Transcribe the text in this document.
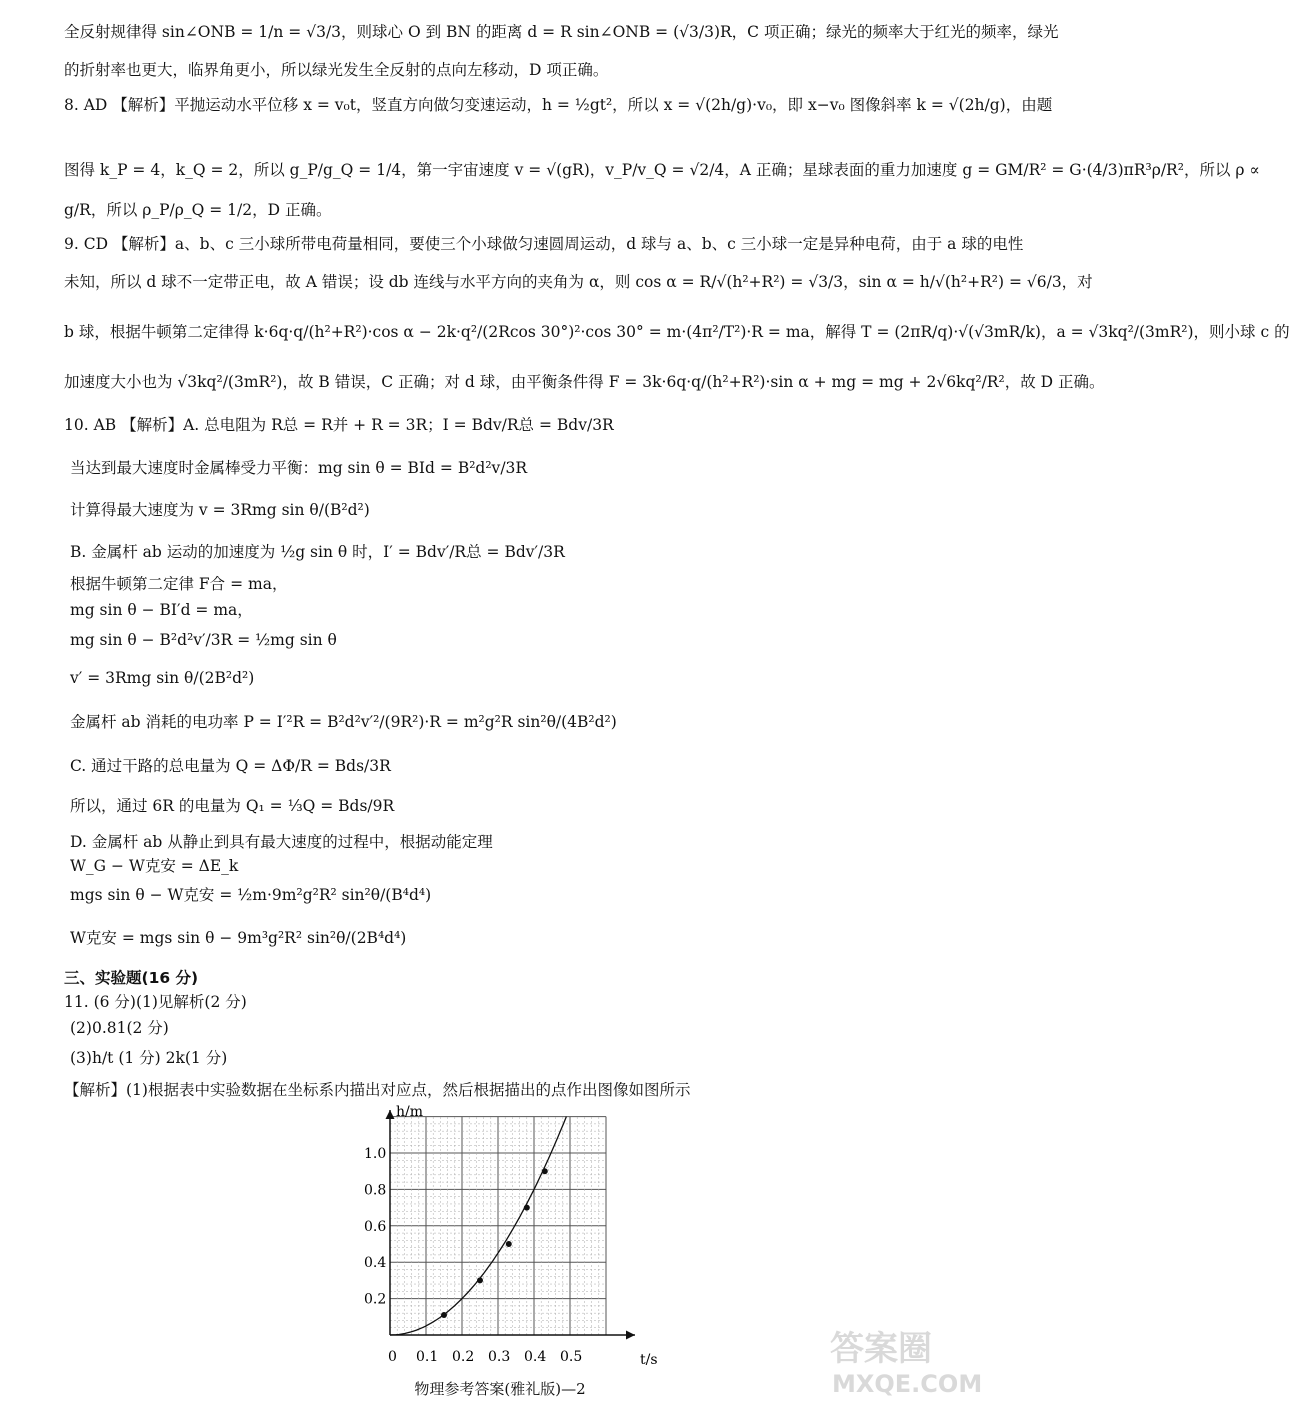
全反射规律得 sin∠ONB = 1/n = √3/3，则球心 O 到 BN 的距离 d = R sin∠ONB = (√3/3)R，C 项正确；绿光的频率大于红光的频率，绿光
的折射率也更大，临界角更小，所以绿光发生全反射的点向左移动，D 项正确。
8. AD 【解析】平抛运动水平位移 x = v₀t，竖直方向做匀变速运动，h = ½gt²，所以 x = √(2h/g)·v₀，即 x−v₀ 图像斜率 k = √(2h/g)，由题
图得 k_P = 4，k_Q = 2，所以 g_P/g_Q = 1/4，第一宇宙速度 v = √(gR)，v_P/v_Q = √2/4，A 正确；星球表面的重力加速度 g = GM/R² = G·(4/3)πR³ρ/R²，所以 ρ ∝
g/R，所以 ρ_P/ρ_Q = 1/2，D 正确。
9. CD 【解析】a、b、c 三小球所带电荷量相同，要使三个小球做匀速圆周运动，d 球与 a、b、c 三小球一定是异种电荷，由于 a 球的电性
未知，所以 d 球不一定带正电，故 A 错误；设 db 连线与水平方向的夹角为 α，则 cos α = R/√(h²+R²) = √3/3，sin α = h/√(h²+R²) = √6/3，对
b 球，根据牛顿第二定律得 k·6q·q/(h²+R²)·cos α − 2k·q²/(2Rcos 30°)²·cos 30° = m·(4π²/T²)·R = ma，解得 T = (2πR/q)·√(√3mR/k)，a = √3kq²/(3mR²)，则小球 c 的
加速度大小也为 √3kq²/(3mR²)，故 B 错误，C 正确；对 d 球，由平衡条件得 F = 3k·6q·q/(h²+R²)·sin α + mg = mg + 2√6kq²/R²，故 D 正确。
10. AB 【解析】A. 总电阻为 R总 = R并 + R = 3R；I = Bdv/R总 = Bdv/3R
当达到最大速度时金属棒受力平衡：mg sin θ = BId = B²d²v/3R
计算得最大速度为 v = 3Rmg sin θ/(B²d²)
B. 金属杆 ab 运动的加速度为 ½g sin θ 时，I′ = Bdv′/R总 = Bdv′/3R
根据牛顿第二定律 F合 = ma，
mg sin θ − BI′d = ma，
mg sin θ − B²d²v′/3R = ½mg sin θ
v′ = 3Rmg sin θ/(2B²d²)
金属杆 ab 消耗的电功率 P = I′²R = B²d²v′²/(9R²)·R = m²g²R sin²θ/(4B²d²)
C. 通过干路的总电量为 Q = ΔΦ/R = Bds/3R
所以，通过 6R 的电量为 Q₁ = ⅓Q = Bds/9R
D. 金属杆 ab 从静止到具有最大速度的过程中，根据动能定理
W_G − W克安 = ΔE_k
mgs sin θ − W克安 = ½m·9m²g²R² sin²θ/(B⁴d⁴)
W克安 = mgs sin θ − 9m³g²R² sin²θ/(2B⁴d⁴)
三、实验题(16 分)
11. (6 分)(1)见解析(2 分)
(2)0.81(2 分)
(3)h/t (1 分) 2k(1 分)
【解析】(1)根据表中实验数据在坐标系内描出对应点，然后根据描出的点作出图像如图所示
h/m
t/s
0 0.1 0.2 0.3 0.4 0.5
0.2
0.4
0.6
0.8
1.0
物理参考答案(雅礼版)—2
答案圈
MXQE.COM
